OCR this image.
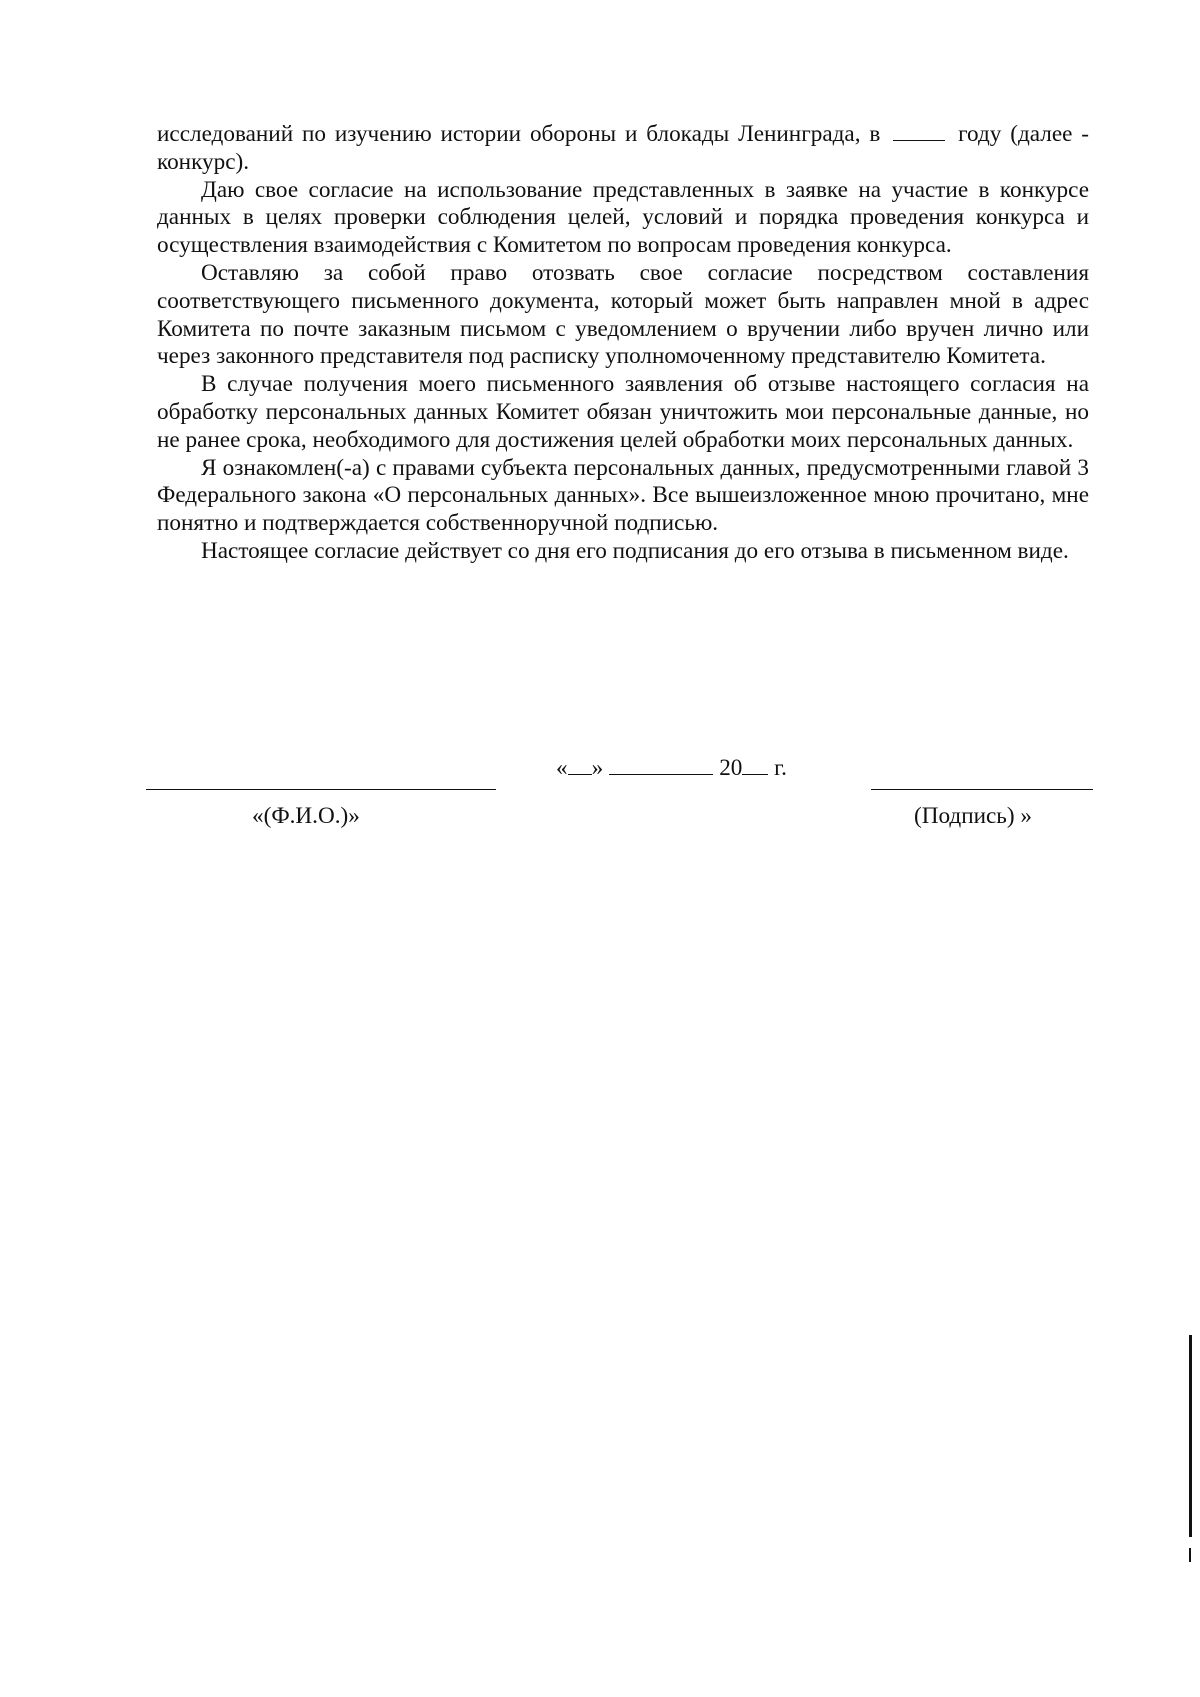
исследований по изучению истории обороны и блокады Ленинграда, в	году (далее - конкурс).

Даю свое согласие на использование представленных в заявке на участие в конкурсе данных в целях проверки соблюдения целей, условий и порядка проведения конкурса и осуществления взаимодействия с Комитетом по вопросам проведения конкурса.

Оставляю за собой право отозвать свое согласие посредством составления соответствующего письменного документа, который может быть направлен мной в адрес Комитета по почте заказным письмом с уведомлением о вручении либо вручен лично или через законного представителя под расписку уполномоченному представителю Комитета.

В случае получения моего письменного заявления об отзыве настоящего согласия на обработку персональных данных Комитет обязан уничтожить мои персональные данные, но не ранее срока, необходимого для достижения целей обработки моих персональных данных.

Я ознакомлен(-а) с правами субъекта персональных данных, предусмотренными главой 3 Федерального закона «О персональных данных». Все вышеизложенное мною прочитано, мне понятно и подтверждается собственноручной подписью.

Настоящее согласие действует со дня его подписания до его отзыва в письменном виде.

« »	20 г.
«(Ф.И.О.)»	(Подпись) »
